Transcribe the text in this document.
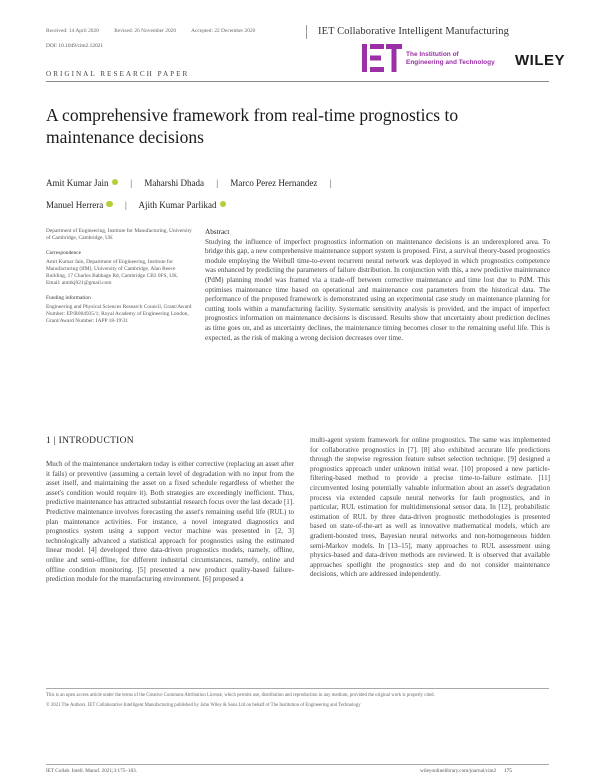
Received: 14 April 2020	Revised: 26 November 2020	Accepted: 22 December 2020	IET Collaborative Intelligent Manufacturing
DOI: 10.1049/cim2.12021
The Institution of
Engineering and Technology WILEY
ORIGINAL RESEARCH PAPER
A comprehensive framework from real-time prognostics to maintenance decisions
Amit Kumar Jain | Maharshi Dhada | Marco Perez Hernandez |
Manuel Herrera | Ajith Kumar Parlikad
Department of Engineering, Institute for Manufacturing, University of Cambridge, Cambridge, UK
Correspondence
Amit Kumar Jain, Department of Engineering, Institute for Manufacturing (IfM), University of Cambridge, Alan Reece Building, 17 Charles Babbage Rd, Cambridge CB3 0FS, UK.
Email: amitkj021@gmail.com
Funding information
Engineering and Physical Sciences Research Council, Grant/Award Number: EP/R004935/1; Royal Academy of Engineering London, Grant/Award Number: IAPP 18-19\31
Abstract
Studying the influence of imperfect prognostics information on maintenance decisions is an underexplored area. To bridge this gap, a new comprehensive maintenance support system is proposed. First, a survival theory-based prognostics module employing the Weibull time-to-event recurrent neural network was deployed in which prognostics competence was enhanced by predicting the parameters of failure distribution. In conjunction with this, a new predictive maintenance (PdM) planning model was framed via a trade-off between corrective maintenance and time lost due to PdM. This optimises maintenance time based on operational and maintenance cost parameters from the historical data. The performance of the proposed framework is demonstrated using an experimental case study on maintenance planning for cutting tools within a manufacturing facility. Systematic sensitivity analysis is provided, and the impact of imperfect prognostics information on maintenance decisions is discussed. Results show that uncertainty about prediction declines as time goes on, and as uncertainty declines, the maintenance timing becomes closer to the remaining useful life. This is expected, as the risk of making a wrong decision decreases over time.
1 | INTRODUCTION
Much of the maintenance undertaken today is either corrective (replacing an asset after it fails) or preventive (assuming a certain level of degradation with no input from the asset itself, and maintaining the asset on a fixed schedule regardless of whether the asset's condition would require it). Both strategies are exceedingly inefficient. Thus, predictive maintenance has attracted substantial research focus over the last decade [1]. Predictive maintenance involves forecasting the asset's remaining useful life (RUL) to plan maintenance activities. For instance, a novel integrated diagnostics and prognostics system using a support vector machine was presented in [2, 3] technologically advanced a statistical approach for prognostics using the estimated linear model. [4] developed three data-driven prognostics models, namely, offline, online and semi-offline, for different industrial circumstances, namely, online and offline condition monitoring. [5] presented a new product quality-based failure-prediction module for the manufacturing environment. [6] proposed a
multi-agent system framework for online prognostics. The same was implemented for collaborative prognostics in [7]. [8] also exhibited accurate life predictions through the stepwise regression feature subset selection technique. [9] designed a prognostics approach under unknown initial wear. [10] proposed a new particle-filtering-based method to provide a precise time-to-failure estimate. [11] circumvented losing potentially valuable information about an asset's degradation process via extended capsule neural networks for fault prognostics, and in particular, RUL estimation for multidimensional sensor data. In [12], probabilistic estimation of RUL by three data-driven prognostic methodologies is presented based on state-of-the-art as well as innovative mathematical models, which are gradient-boosted trees, Bayesian neural networks and non-homogeneous hidden semi-Markov models. In [13–15], many approaches to RUL assessment using physics-based and data-driven methods are reviewed. It is observed that available approaches spotlight the prognostics step and do not consider maintenance decisions, which are addressed independently.
This is an open access article under the terms of the Creative Commons Attribution License, which permits use, distribution and reproduction in any medium, provided the original work is properly cited.
© 2021 The Authors. IET Collaborative Intelligent Manufacturing published by John Wiley & Sons Ltd on behalf of The Institution of Engineering and Technology
IET Collab. Intell. Manuf. 2021;3:175–183.	wileyonlinelibrary.com/journal/cim2 175
